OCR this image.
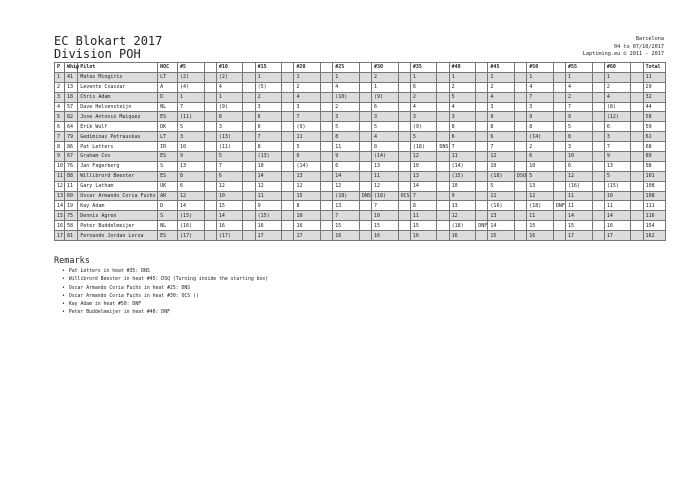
EC Blokart 2017
Division POH
Barcelona
04 to 07/10/2017
Laptiming.eu © 2011 - 2017
P	Whip	Pilot	NOC	#5		#10		#15		#20		#25		#30		#35		#40		#45		#50		#55		#60		Total
1	41	Matas Mingiris	LT	(2)		(2)		1		1		1		2		1		1		1		1		1		1		11
2	13	Levente Csaszar	A	(4)		4		(5)		2		4		1		6		2		2		4		4		2		29
3	18	Chris Adam	D	1		1		2		4		(10)		(9)		2		5		4		7		2		4		32
4	57	Dave Helvensteijn	NL	7		(9)		3		3		2		6		4		4		3		3		7		(8)		44
5	82	Jose Antonio Maiquez	ES	(11)		8		6		7		3		3		3		3		9		9		9		(12)		58
6	64	Erik Wulf	DK	5		3		6		(9)		5		5		(9)		8		8		8		5		6		59
7	79	Gediminas Petrauskas	LT	3		(13)		7		11		8		4		5		6		6		(14)		8		3		61
8	86	Pat Letters	IR	10		(11)		8		5		11		8		(18)	DNS	7		7		2		3		7		68
9	67	Graham Cox	ES	9		5		(13)		6		9		(14)		12		11		12		6		10		9		89
10	76	Jan Fagerberg	S	13		7		10		(14)		6		13		10		(14)		10		10		6		13		98
11	88	Willibrord Beester	ES	8		6		14		13		14		11		13		(15)		(18)	DSQ	5		12		5		101
12	11	Gary Latham	UK	6		12		12		12		12		12		14		10		5		13		(16)		(15)		108
13	60	Oscar Armando Coria Fuchs	AR	12		10		11		15		(18)	DNS	(18)	OCS	7		9		11		12		11		10		108
14	19	Kay Adam	D	14		15		9		8		13		7		8		13		(16)		(18)	DNF	11		11		111
15	75	Dennis Agren	S	(15)		14		(15)		10		7		10		11		12		13		11		14		14		116
16	58	Peter Buddelmeijer	NL	(16)		16		16		16		15		15		15		(18)	DNF	14		15		15		16		154
17	81	Fernando Jordan Lorza	ES	(17)		(17)		17		17		16		16		16		16		15		16		17		17		162
Remarks
• Pat Letters in heat #35: DNS
• Willibrord Beester in heat #45: DSQ (Turning inside the starting box)
• Oscar Armando Coria Fuchs in heat #25: DNS
• Oscar Armando Coria Fuchs in heat #30: OCS ()
• Kay Adam in heat #50: DNF
• Peter Buddelmeijer in heat #40: DNF
